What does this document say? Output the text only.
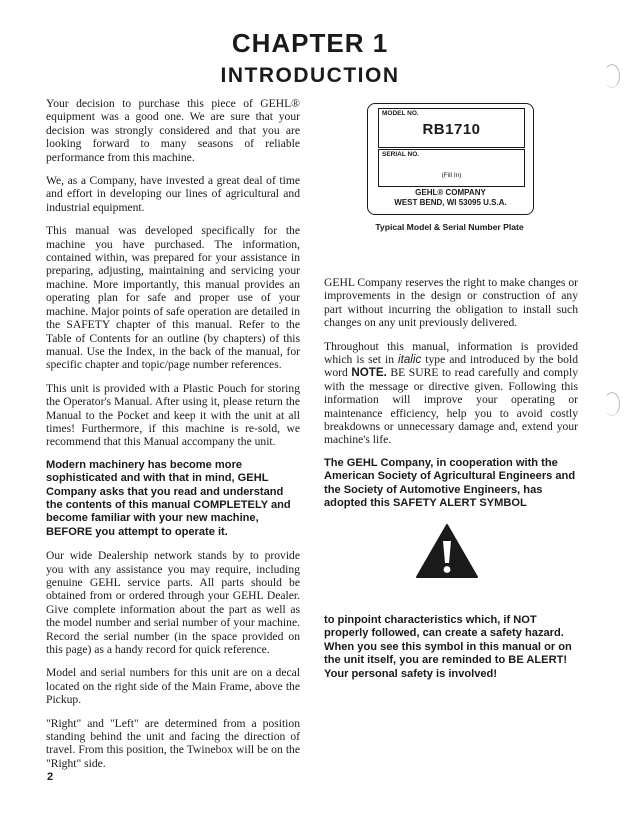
CHAPTER 1
INTRODUCTION

Your decision to purchase this piece of GEHL® equipment was a good one. We are sure that your decision was strongly considered and that you are looking forward to many seasons of reliable performance from this machine.

We, as a Company, have invested a great deal of time and effort in developing our lines of agricultural and industrial equipment.

This manual was developed specifically for the machine you have purchased. The information, contained within, was prepared for your assistance in preparing, adjusting, maintaining and servicing your machine. More importantly, this manual provides an operating plan for safe and proper use of your machine. Major points of safe operation are detailed in the SAFETY chapter of this manual. Refer to the Table of Contents for an outline (by chapters) of this manual. Use the Index, in the back of the manual, for specific chapter and topic/page number references.

This unit is provided with a Plastic Pouch for storing the Operator's Manual. After using it, please return the Manual to the Pocket and keep it with the unit at all times! Furthermore, if this machine is re-sold, we recommend that this Manual accompany the unit.

Modern machinery has become more sophisticated and with that in mind, GEHL Company asks that you read and understand the contents of this manual COMPLETELY and become familiar with your new machine, BEFORE you attempt to operate it.

Our wide Dealership network stands by to provide you with any assistance you may require, including genuine GEHL service parts. All parts should be obtained from or ordered through your GEHL Dealer. Give complete information about the part as well as the model number and serial number of your machine. Record the serial number (in the space provided on this page) as a handy record for quick reference.

Model and serial numbers for this unit are on a decal located on the right side of the Main Frame, above the Pickup.

"Right" and "Left" are determined from a position standing behind the unit and facing the direction of travel. From this position, the Twinebox will be on the "Right" side.

MODEL NO.
RB1710
SERIAL NO.
(Fill In)
GEHL® COMPANY
WEST BEND, WI 53095 U.S.A.
Typical Model & Serial Number Plate

GEHL Company reserves the right to make changes or improvements in the design or construction of any part without incurring the obligation to install such changes on any unit previously delivered.

Throughout this manual, information is provided which is set in italic type and introduced by the bold word NOTE. BE SURE to read carefully and comply with the message or directive given. Following this information will improve your operating or maintenance efficiency, help you to avoid costly breakdowns or unnecessary damage and, extend your machine's life.

The GEHL Company, in cooperation with the American Society of Agricultural Engineers and the Society of Automotive Engineers, has adopted this SAFETY ALERT SYMBOL

to pinpoint characteristics which, if NOT properly followed, can create a safety hazard. When you see this symbol in this manual or on the unit itself, you are reminded to BE ALERT! Your personal safety is involved!

2
